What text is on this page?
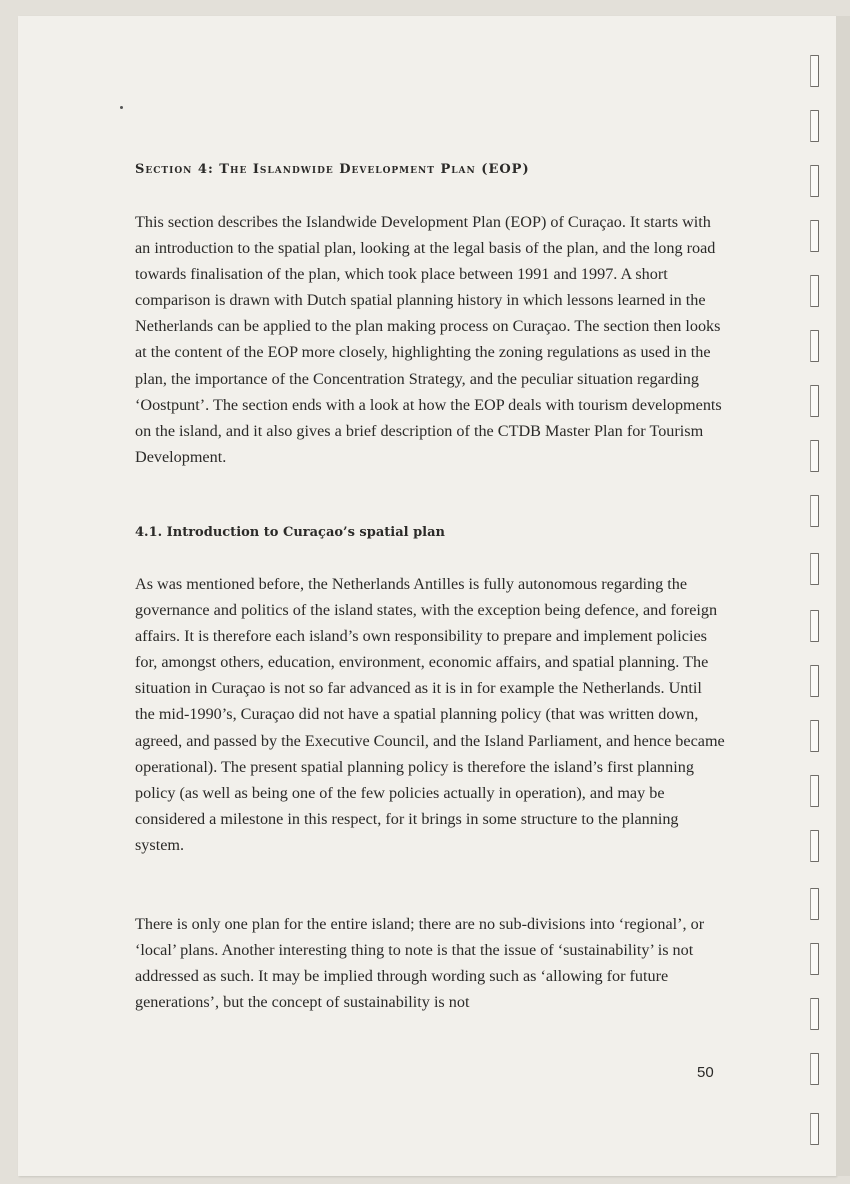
Section 4: The Islandwide Development Plan (EOP)
This section describes the Islandwide Development Plan (EOP) of Curaçao. It starts with an introduction to the spatial plan, looking at the legal basis of the plan, and the long road towards finalisation of the plan, which took place between 1991 and 1997. A short comparison is drawn with Dutch spatial planning history in which lessons learned in the Netherlands can be applied to the plan making process on Curaçao. The section then looks at the content of the EOP more closely, highlighting the zoning regulations as used in the plan, the importance of the Concentration Strategy, and the peculiar situation regarding ‘Oostpunt’. The section ends with a look at how the EOP deals with tourism developments on the island, and it also gives a brief description of the CTDB Master Plan for Tourism Development.
4.1. Introduction to Curaçao’s spatial plan
As was mentioned before, the Netherlands Antilles is fully autonomous regarding the governance and politics of the island states, with the exception being defence, and foreign affairs. It is therefore each island’s own responsibility to prepare and implement policies for, amongst others, education, environment, economic affairs, and spatial planning. The situation in Curaçao is not so far advanced as it is in for example the Netherlands. Until the mid-1990’s, Curaçao did not have a spatial planning policy (that was written down, agreed, and passed by the Executive Council, and the Island Parliament, and hence became operational). The present spatial planning policy is therefore the island’s first planning policy (as well as being one of the few policies actually in operation), and may be considered a milestone in this respect, for it brings in some structure to the planning system.
There is only one plan for the entire island; there are no sub-divisions into ‘regional’, or ‘local’ plans. Another interesting thing to note is that the issue of ‘sustainability’ is not addressed as such. It may be implied through wording such as ‘allowing for future generations’, but the concept of sustainability is not
50
